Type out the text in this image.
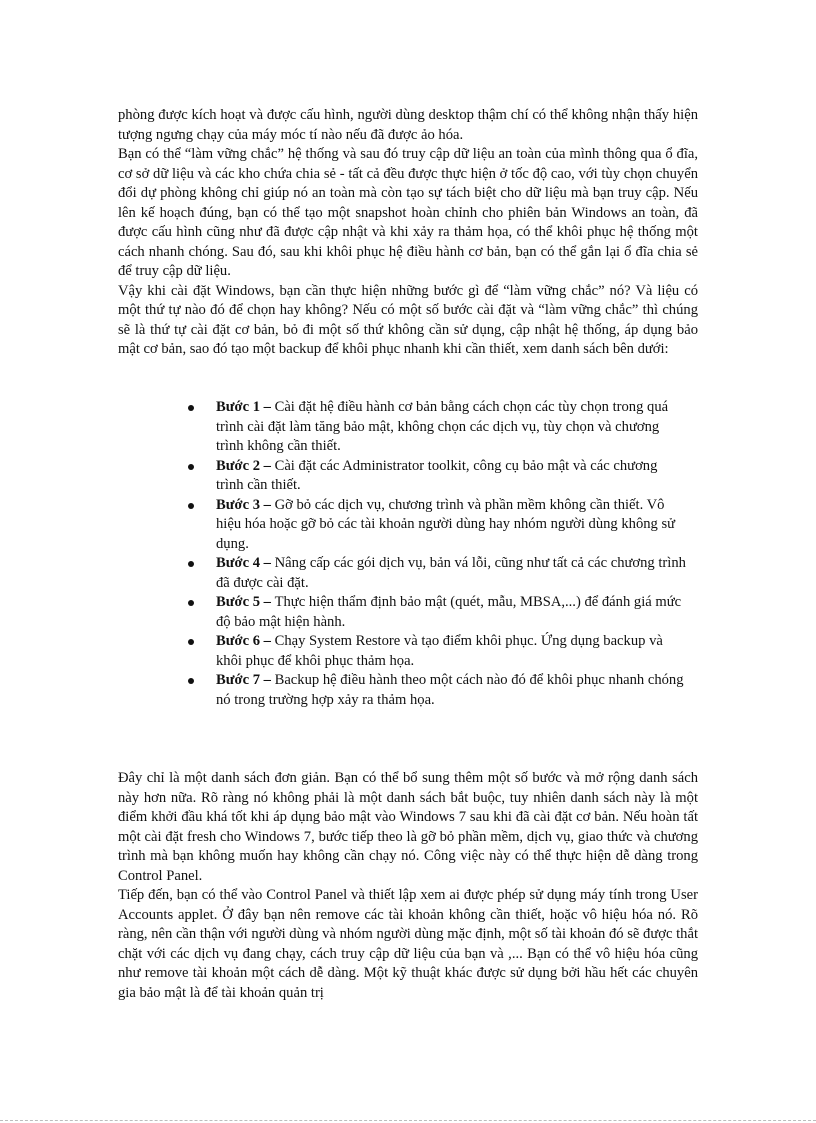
phòng được kích hoạt và được cấu hình, người dùng desktop thậm chí có thể không nhận thấy hiện tượng ngưng chạy của máy móc tí nào nếu đã được ảo hóa.

Bạn có thể “làm vững chắc” hệ thống và sau đó truy cập dữ liệu an toàn của mình thông qua ổ đĩa, cơ sở dữ liệu và các kho chứa chia sẻ - tất cả đều được thực hiện ở tốc độ cao, với tùy chọn chuyển đổi dự phòng không chỉ giúp nó an toàn mà còn tạo sự tách biệt cho dữ liệu mà bạn truy cập. Nếu lên kế hoạch đúng, bạn có thể tạo một snapshot hoàn chỉnh cho phiên bản Windows an toàn, đã được cấu hình cũng như đã được cập nhật và khi xảy ra thảm họa, có thể khôi phục hệ thống một cách nhanh chóng. Sau đó, sau khi khôi phục hệ điều hành cơ bản, bạn có thể gắn lại ổ đĩa chia sẻ để truy cập dữ liệu.

Vậy khi cài đặt Windows, bạn cần thực hiện những bước gì để “làm vững chắc” nó? Và liệu có một thứ tự nào đó để chọn hay không? Nếu có một số bước cài đặt và “làm vững chắc” thì chúng sẽ là thứ tự cài đặt cơ bản, bỏ đi một số thứ không cần sử dụng, cập nhật hệ thống, áp dụng bảo mật cơ bản, sao đó tạo một backup để khôi phục nhanh khi cần thiết, xem danh sách bên dưới:

Bước 1 – Cài đặt hệ điều hành cơ bản bằng cách chọn các tùy chọn trong quá trình cài đặt làm tăng bảo mật, không chọn các dịch vụ, tùy chọn và chương trình không cần thiết.
Bước 2 – Cài đặt các Administrator toolkit, công cụ bảo mật và các chương trình cần thiết.
Bước 3 – Gỡ bỏ các dịch vụ, chương trình và phần mềm không cần thiết. Vô hiệu hóa hoặc gỡ bỏ các tài khoản người dùng hay nhóm người dùng không sử dụng.
Bước 4 – Nâng cấp các gói dịch vụ, bản vá lỗi, cũng như tất cả các chương trình đã được cài đặt.
Bước 5 – Thực hiện thẩm định bảo mật (quét, mẫu, MBSA,...) để đánh giá mức độ bảo mật hiện hành.
Bước 6 – Chạy System Restore và tạo điểm khôi phục. Ứng dụng backup và khôi phục để khôi phục thảm họa.
Bước 7 – Backup hệ điều hành theo một cách nào đó để khôi phục nhanh chóng nó trong trường hợp xảy ra thảm họa.

Đây chỉ là một danh sách đơn giản. Bạn có thể bổ sung thêm một số bước và mở rộng danh sách này hơn nữa. Rõ ràng nó không phải là một danh sách bắt buộc, tuy nhiên danh sách này là một điểm khởi đầu khá tốt khi áp dụng bảo mật vào Windows 7 sau khi đã cài đặt cơ bản. Nếu hoàn tất một cài đặt fresh cho Windows 7, bước tiếp theo là gỡ bỏ phần mềm, dịch vụ, giao thức và chương trình mà bạn không muốn hay không cần chạy nó. Công việc này có thể thực hiện dễ dàng trong Control Panel.

Tiếp đến, bạn có thể vào Control Panel và thiết lập xem ai được phép sử dụng máy tính trong User Accounts applet. Ở đây bạn nên remove các tài khoản không cần thiết, hoặc vô hiệu hóa nó. Rõ ràng, nên cần thận với người dùng và nhóm người dùng mặc định, một số tài khoản đó sẽ được thắt chặt với các dịch vụ đang chạy, cách truy cập dữ liệu của bạn và ,... Bạn có thể vô hiệu hóa cũng như remove tài khoản một cách dễ dàng. Một kỹ thuật khác được sử dụng bởi hầu hết các chuyên gia bảo mật là để tài khoản quản trị
